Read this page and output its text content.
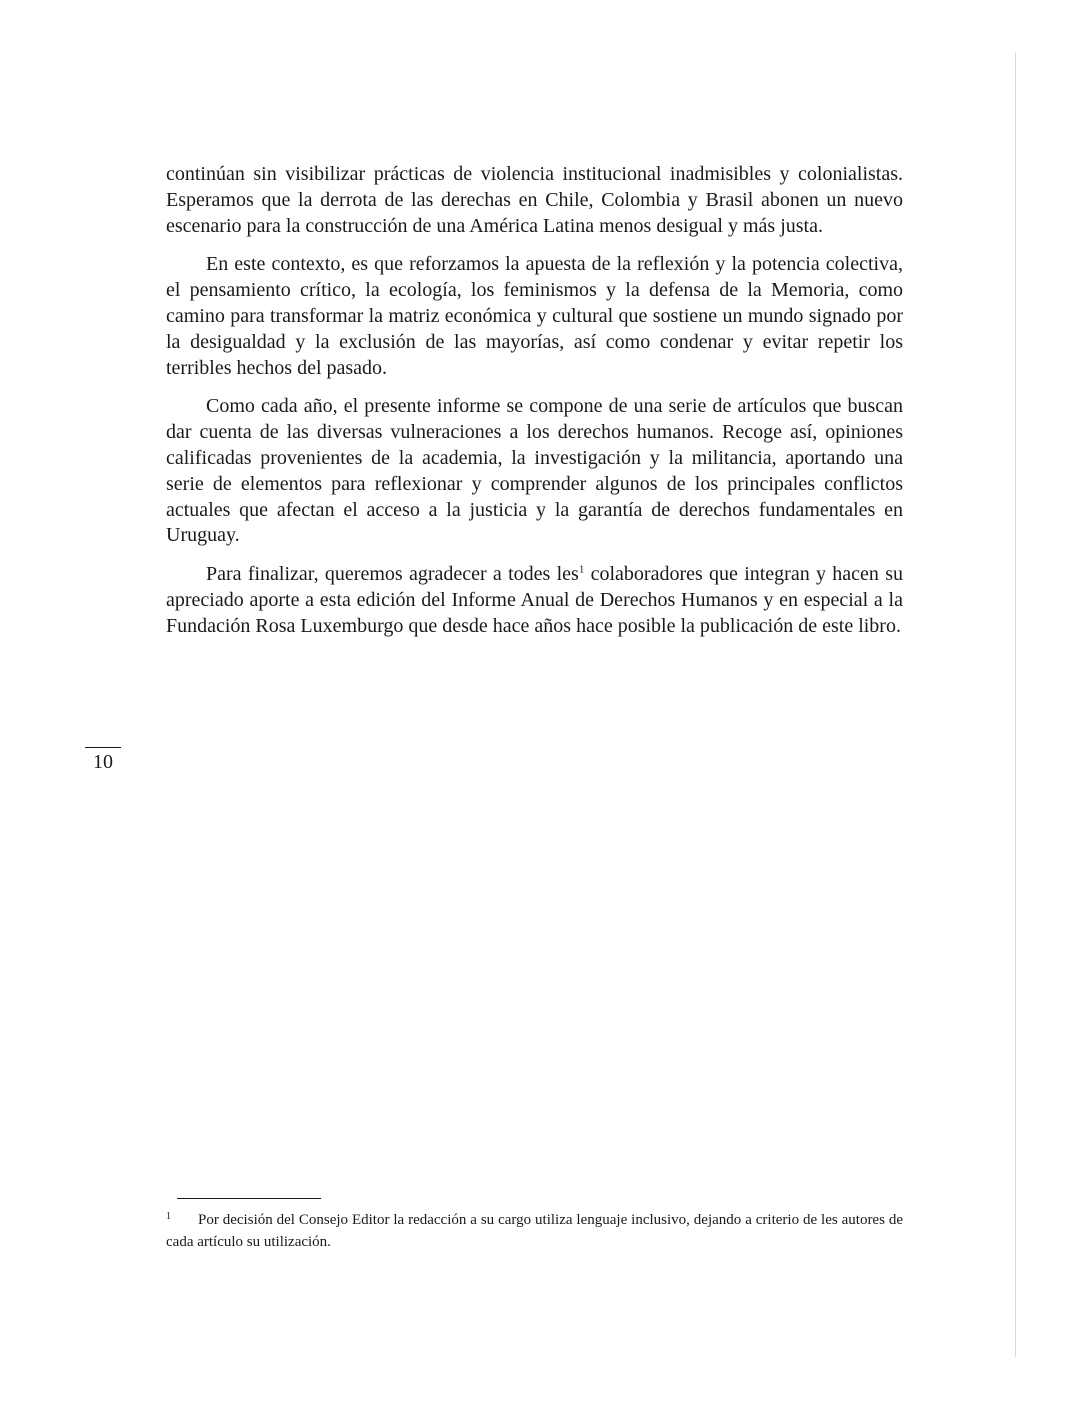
continúan sin visibilizar prácticas de violencia institucional inadmisibles y colonialistas. Esperamos que la derrota de las derechas en Chile, Colombia y Brasil abonen un nuevo escenario para la construcción de una América Latina menos desigual y más justa.

En este contexto, es que reforzamos la apuesta de la reflexión y la potencia colectiva, el pensamiento crítico, la ecología, los feminismos y la defensa de la Memoria, como camino para transformar la matriz económica y cultural que sostiene un mundo signado por la desigualdad y la exclusión de las mayorías, así como condenar y evitar repetir los terribles hechos del pasado.

Como cada año, el presente informe se compone de una serie de artículos que buscan dar cuenta de las diversas vulneraciones a los derechos humanos. Recoge así, opiniones calificadas provenientes de la academia, la investigación y la militancia, aportando una serie de elementos para reflexionar y comprender algunos de los principales conflictos actuales que afectan el acceso a la justicia y la garantía de derechos fundamentales en Uruguay.

Para finalizar, queremos agradecer a todes les$^1$ colaboradores que integran y hacen su apreciado aporte a esta edición del Informe Anual de Derechos Humanos y en especial a la Fundación Rosa Luxemburgo que desde hace años hace posible la publicación de este libro.

10
1 Por decisión del Consejo Editor la redacción a su cargo utiliza lenguaje inclusivo, dejando a criterio de les autores de cada artículo su utilización.
